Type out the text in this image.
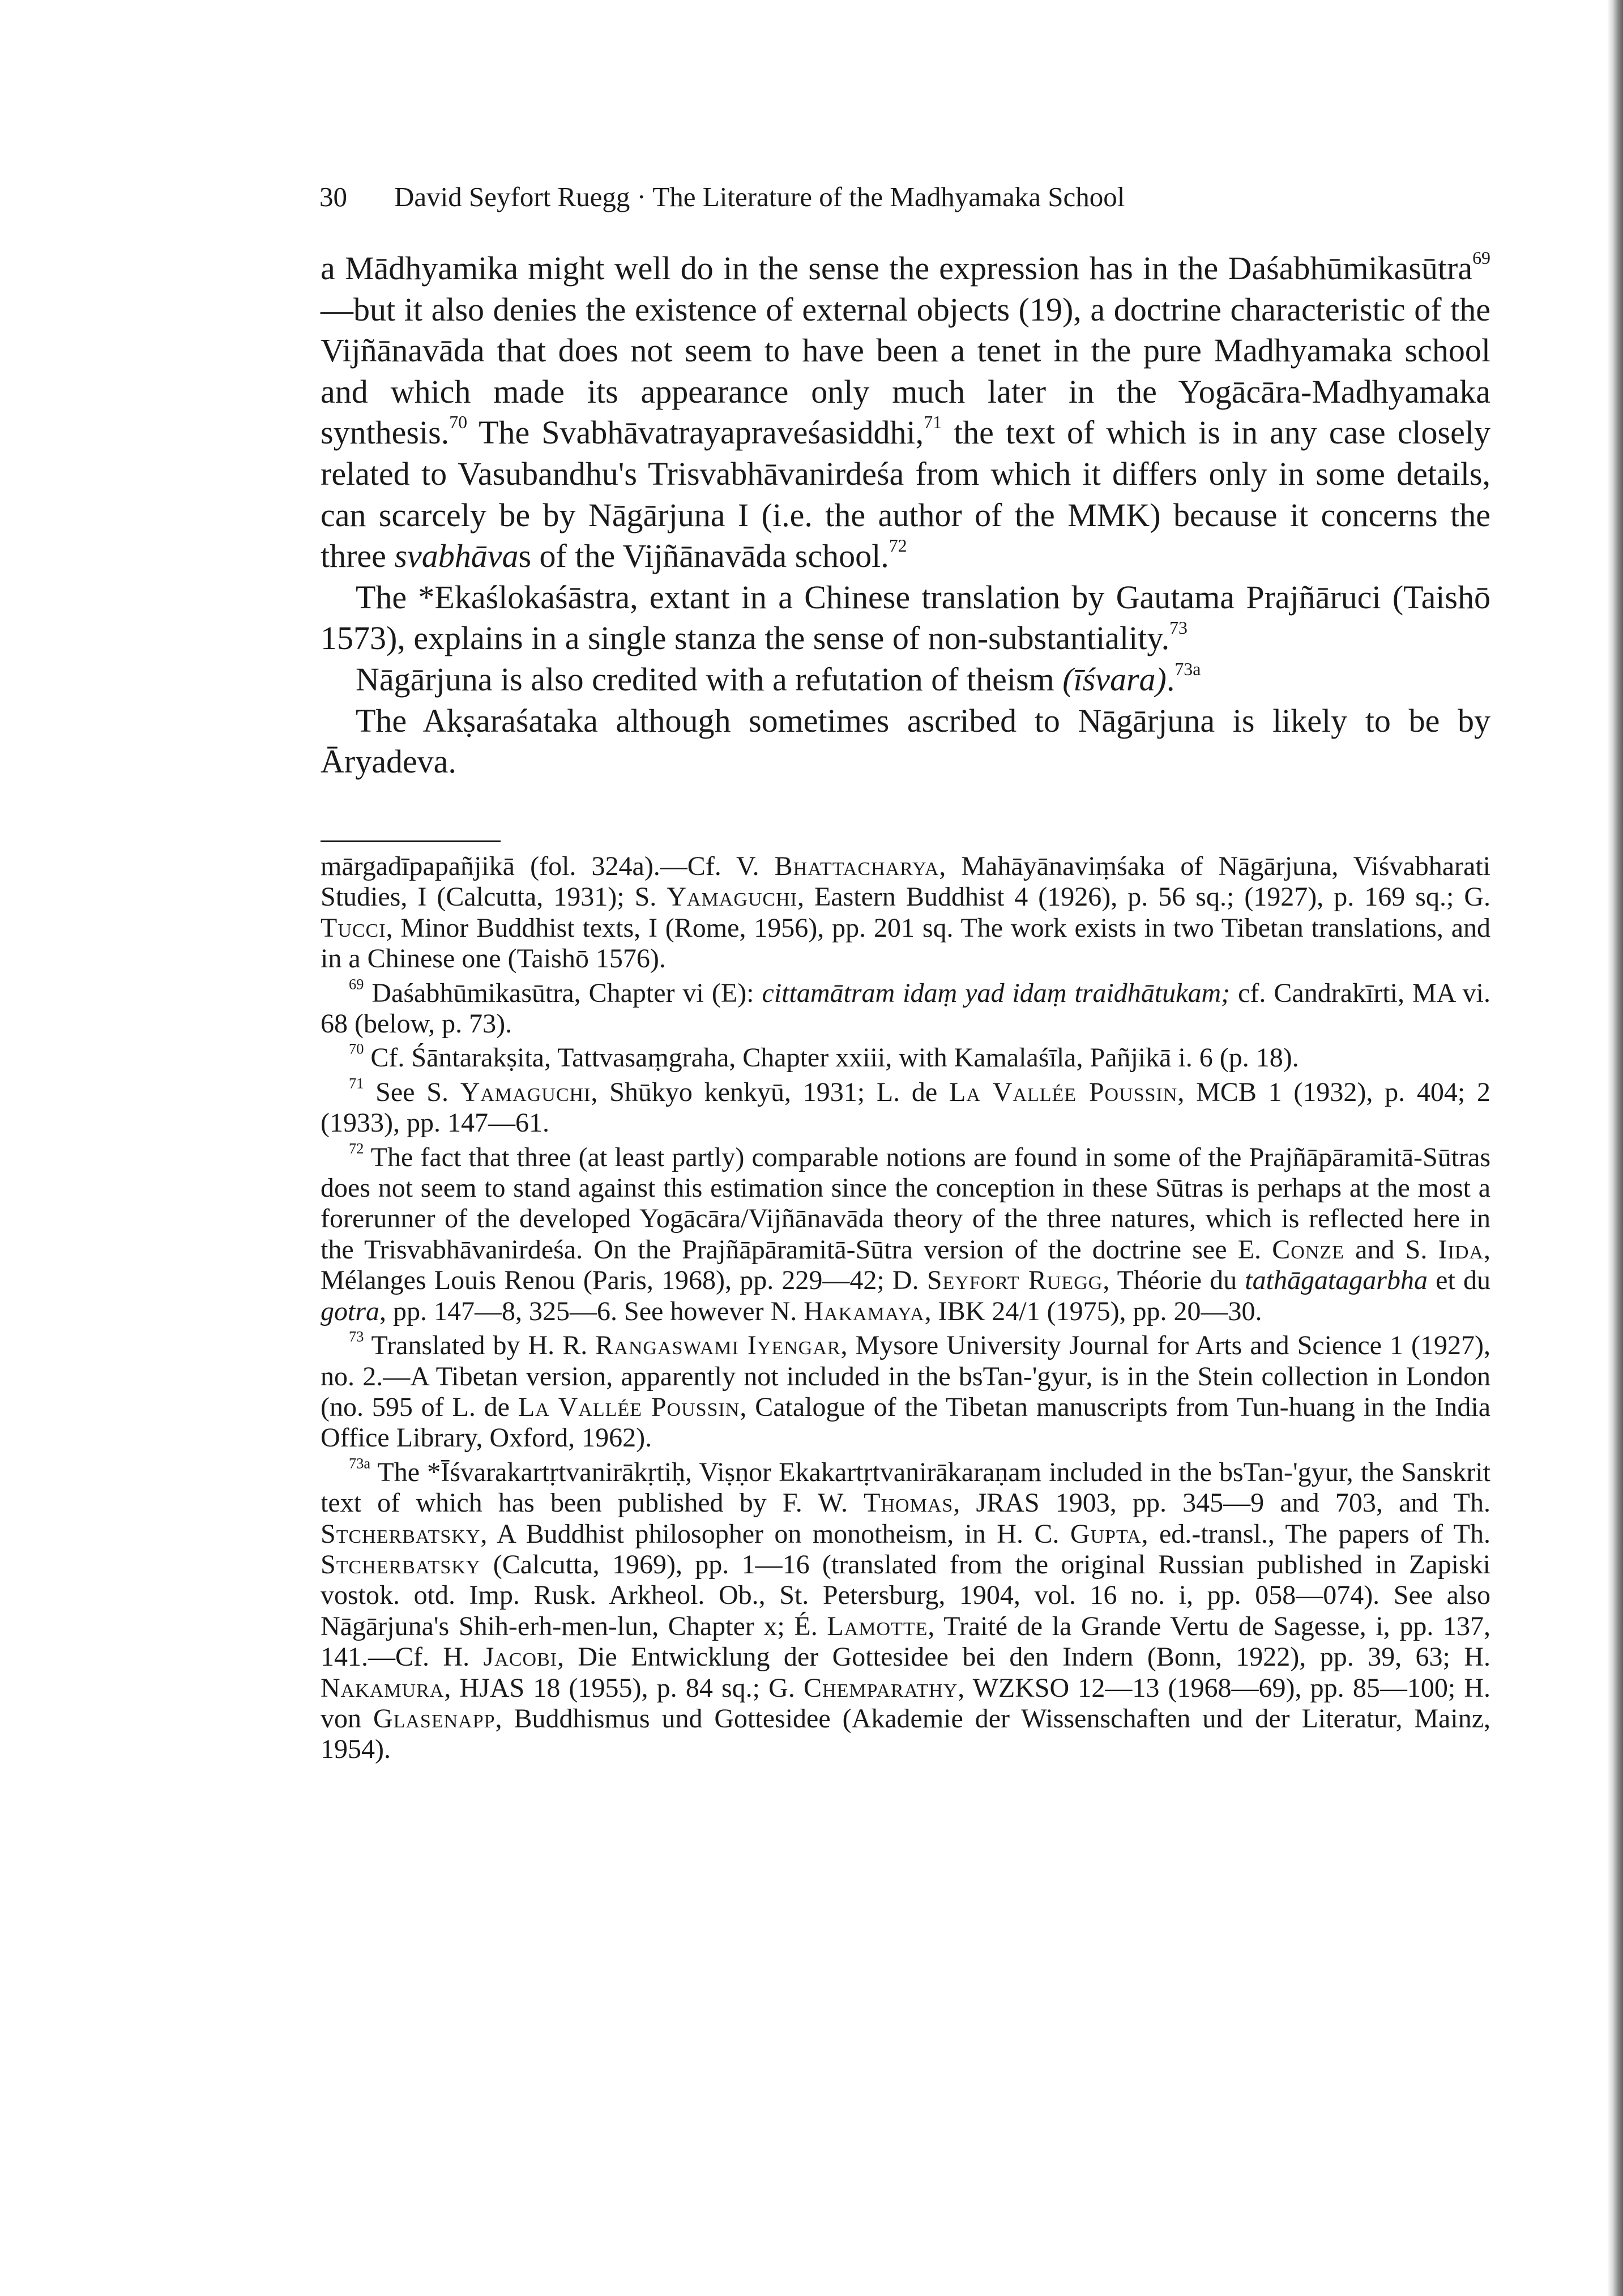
30 David Seyfort Ruegg · The Literature of the Madhyamaka School

a Mādhyamika might well do in the sense the expression has in the Daśabhūmikasūtra$^{69}$—but it also denies the existence of external objects (19), a doctrine characteristic of the Vijñānavāda that does not seem to have been a tenet in the pure Madhyamaka school and which made its appearance only much later in the Yogācāra-Madhyamaka synthesis.$^{70}$ The Svabhāvatrayapraveśasiddhi,$^{71}$ the text of which is in any case closely related to Vasubandhu's Trisvabhāvanirdeśa from which it differs only in some details, can scarcely be by Nāgārjuna I (i.e. the author of the MMK) because it concerns the three svabhāvas of the Vijñānavāda school.$^{72}$

The *Ekaślokaśāstra, extant in a Chinese translation by Gautama Prajñāruci (Taishō 1573), explains in a single stanza the sense of non-substantiality.$^{73}$

Nāgārjuna is also credited with a refutation of theism (īśvara).$^{73a}$

The Akṣaraśataka although sometimes ascribed to Nāgārjuna is likely to be by Āryadeva.

mārgadīpapañjikā (fol. 324a).—Cf. V. Bhattacharya, Mahāyānaviṃśaka of Nāgārjuna, Viśvabharati Studies, I (Calcutta, 1931); S. Yamaguchi, Eastern Buddhist 4 (1926), p. 56 sq.; (1927), p. 169 sq.; G. Tucci, Minor Buddhist texts, I (Rome, 1956), pp. 201 sq. The work exists in two Tibetan translations, and in a Chinese one (Taishō 1576).

$^{69}$ Daśabhūmikasūtra, Chapter vi (E): cittamātram idaṃ yad idaṃ traidhātukam; cf. Candrakīrti, MA vi. 68 (below, p. 73).

$^{70}$ Cf. Śāntarakṣita, Tattvasaṃgraha, Chapter xxiii, with Kamalaśīla, Pañjikā i. 6 (p. 18).

$^{71}$ See S. Yamaguchi, Shūkyo kenkyū, 1931; L. de La Vallée Poussin, MCB 1 (1932), p. 404; 2 (1933), pp. 147—61.

$^{72}$ The fact that three (at least partly) comparable notions are found in some of the Prajñāpāramitā-Sūtras does not seem to stand against this estimation since the conception in these Sūtras is perhaps at the most a forerunner of the developed Yogācāra/Vijñānavāda theory of the three natures, which is reflected here in the Trisvabhāvanirdeśa. On the Prajñāpāramitā-Sūtra version of the doctrine see E. Conze and S. Iida, Mélanges Louis Renou (Paris, 1968), pp. 229—42; D. Seyfort Ruegg, Théorie du tathāgatagarbha et du gotra, pp. 147—8, 325—6. See however N. Hakamaya, IBK 24/1 (1975), pp. 20—30.

$^{73}$ Translated by H. R. Rangaswami Iyengar, Mysore University Journal for Arts and Science 1 (1927), no. 2.—A Tibetan version, apparently not included in the bsTan-'gyur, is in the Stein collection in London (no. 595 of L. de La Vallée Poussin, Catalogue of the Tibetan manuscripts from Tun-huang in the India Office Library, Oxford, 1962).

$^{73a}$ The *Īśvarakartṛtvanirākṛtiḥ, Viṣṇor Ekakartṛtvanirākaraṇam included in the bsTan-'gyur, the Sanskrit text of which has been published by F. W. Thomas, JRAS 1903, pp. 345—9 and 703, and Th. Stcherbatsky, A Buddhist philosopher on monotheism, in H. C. Gupta, ed.-transl., The papers of Th. Stcherbatsky (Calcutta, 1969), pp. 1—16 (translated from the original Russian published in Zapiski vostok. otd. Imp. Rusk. Arkheol. Ob., St. Petersburg, 1904, vol. 16 no. i, pp. 058—074). See also Nāgārjuna's Shih-erh-men-lun, Chapter x; É. Lamotte, Traité de la Grande Vertu de Sagesse, i, pp. 137, 141.—Cf. H. Jacobi, Die Entwicklung der Gottesidee bei den Indern (Bonn, 1922), pp. 39, 63; H. Nakamura, HJAS 18 (1955), p. 84 sq.; G. Chemparathy, WZKSO 12—13 (1968—69), pp. 85—100; H. von Glasenapp, Buddhismus und Gottesidee (Akademie der Wissenschaften und der Literatur, Mainz, 1954).
